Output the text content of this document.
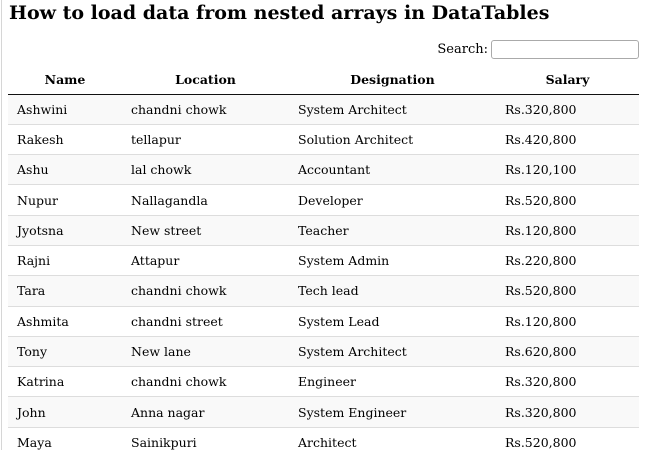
How to load data from nested arrays in DataTables
Search:
Name	Location	Designation	Salary
Ashwini	chandni chowk	System Architect	Rs.320,800
Rakesh	tellapur	Solution Architect	Rs.420,800
Ashu	lal chowk	Accountant	Rs.120,100
Nupur	Nallagandla	Developer	Rs.520,800
Jyotsna	New street	Teacher	Rs.120,800
Rajni	Attapur	System Admin	Rs.220,800
Tara	chandni chowk	Tech lead	Rs.520,800
Ashmita	chandni street	System Lead	Rs.120,800
Tony	New lane	System Architect	Rs.620,800
Katrina	chandni chowk	Engineer	Rs.320,800
John	Anna nagar	System Engineer	Rs.320,800
Maya	Sainikpuri	Architect	Rs.520,800
